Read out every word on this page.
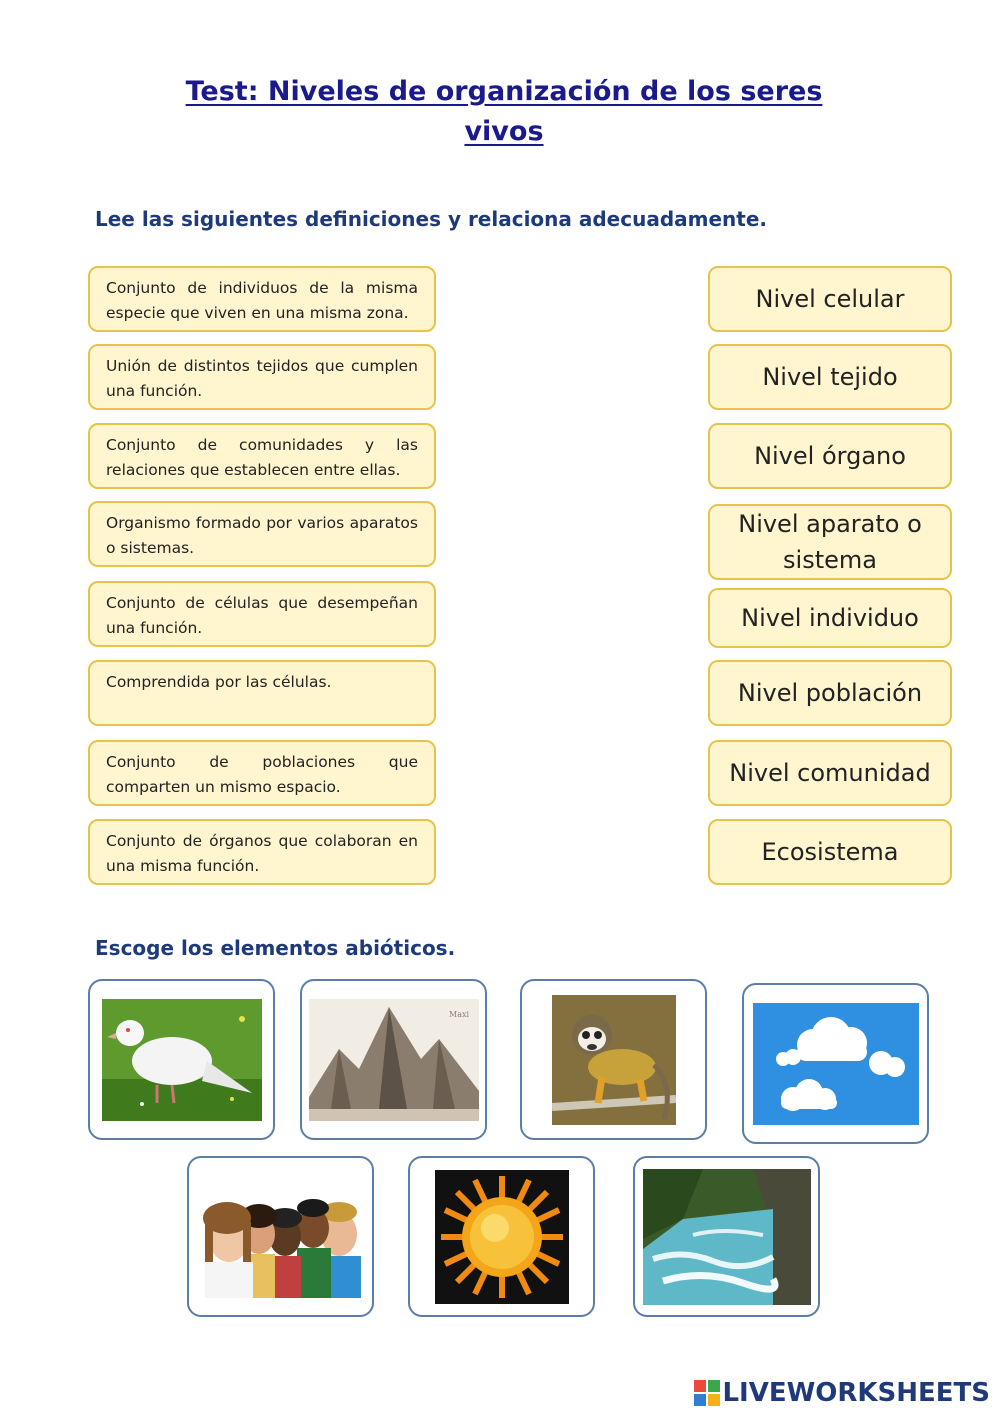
Test: Niveles de organización de los seres
vivos

Lee las siguientes definiciones y relaciona adecuadamente.

Conjunto de individuos de la misma especie que viven en una misma zona.
Unión de distintos tejidos que cumplen una función.
Conjunto de comunidades y las relaciones que establecen entre ellas.
Organismo formado por varios aparatos o sistemas.
Conjunto de células que desempeñan una función.
Comprendida por las células.
Conjunto de poblaciones que comparten un mismo espacio.
Conjunto de órganos que colaboran en una misma función.
Nivel celular
Nivel tejido
Nivel órgano
Nivel aparato o sistema
Nivel individuo
Nivel población
Nivel comunidad
Ecosistema

Escoge los elementos abióticos.

Maxi
LIVEWORKSHEETS
